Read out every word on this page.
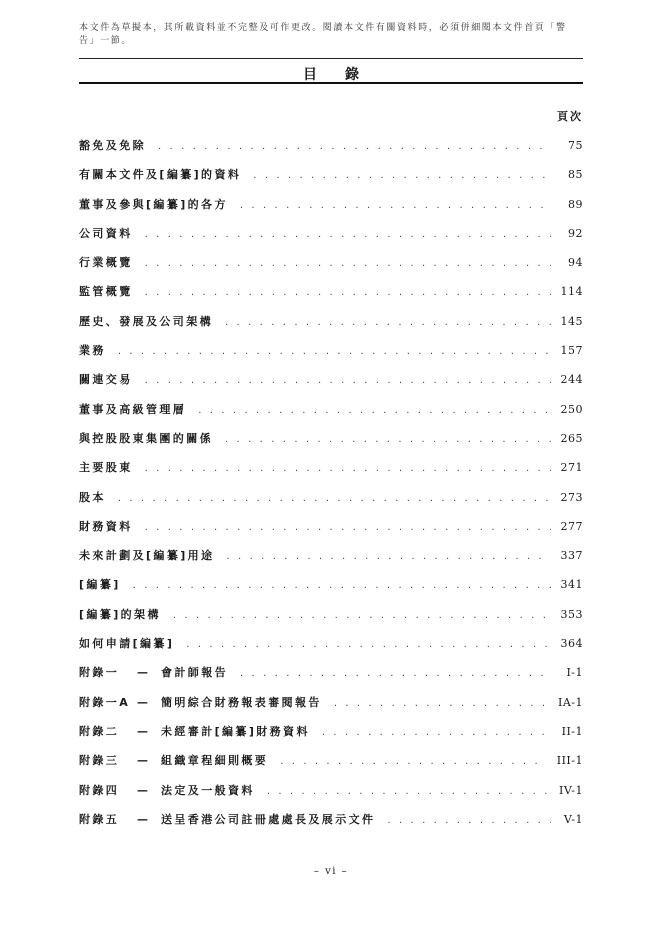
本文件為草擬本，其所載資料並不完整及可作更改。閱讀本文件有關資料時，必須併細閱本文件首頁「警告」一節。
目錄
頁次
豁免及免除 . . .	75
有關本文件及[編纂]的資料 . . .	85
董事及參與[編纂]的各方 . . .	89
公司資料 . . .	92
行業概覽 . . .	94
監管概覽 . . .	114
歷史、發展及公司架構 . . .	145
業務 . . .	157
關連交易 . . .	244
董事及高級管理層 . . .	250
與控股股東集團的關係 . . .	265
主要股東 . . .	271
股本 . . .	273
財務資料 . . .	277
未來計劃及[編纂]用途 . . .	337
[編纂] . . .	341
[編纂]的架構 . . .	353
如何申請[編纂] . . .	364
附錄一	—	會計師報告 . . .	I-1
附錄一A —	簡明綜合財務報表審閱報告 . . .	IA-1
附錄二	—	未經審計[編纂]財務資料 . . .	II-1
附錄三	—	組織章程細則概要 . . .	III-1
附錄四	—	法定及一般資料 . . .	IV-1
附錄五	—	送呈香港公司註冊處處長及展示文件 . . .	V-1
– vi –
